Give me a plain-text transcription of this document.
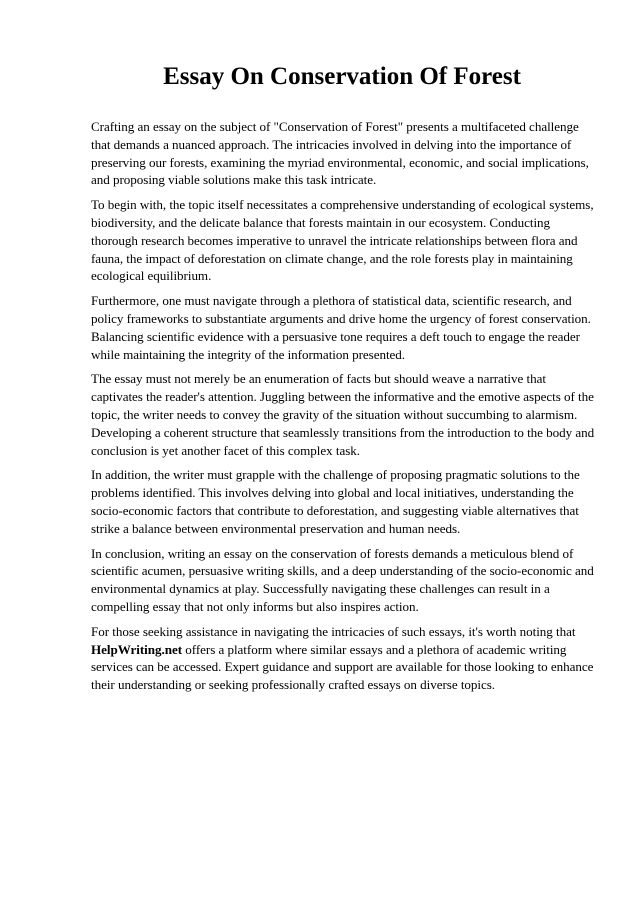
Essay On Conservation Of Forest

Crafting an essay on the subject of "Conservation of Forest" presents a multifaceted challenge that demands a nuanced approach. The intricacies involved in delving into the importance of preserving our forests, examining the myriad environmental, economic, and social implications, and proposing viable solutions make this task intricate.

To begin with, the topic itself necessitates a comprehensive understanding of ecological systems, biodiversity, and the delicate balance that forests maintain in our ecosystem. Conducting thorough research becomes imperative to unravel the intricate relationships between flora and fauna, the impact of deforestation on climate change, and the role forests play in maintaining ecological equilibrium.

Furthermore, one must navigate through a plethora of statistical data, scientific research, and policy frameworks to substantiate arguments and drive home the urgency of forest conservation. Balancing scientific evidence with a persuasive tone requires a deft touch to engage the reader while maintaining the integrity of the information presented.

The essay must not merely be an enumeration of facts but should weave a narrative that captivates the reader's attention. Juggling between the informative and the emotive aspects of the topic, the writer needs to convey the gravity of the situation without succumbing to alarmism. Developing a coherent structure that seamlessly transitions from the introduction to the body and conclusion is yet another facet of this complex task.

In addition, the writer must grapple with the challenge of proposing pragmatic solutions to the problems identified. This involves delving into global and local initiatives, understanding the socio-economic factors that contribute to deforestation, and suggesting viable alternatives that strike a balance between environmental preservation and human needs.

In conclusion, writing an essay on the conservation of forests demands a meticulous blend of scientific acumen, persuasive writing skills, and a deep understanding of the socio-economic and environmental dynamics at play. Successfully navigating these challenges can result in a compelling essay that not only informs but also inspires action.

For those seeking assistance in navigating the intricacies of such essays, it's worth noting that HelpWriting.net offers a platform where similar essays and a plethora of academic writing services can be accessed. Expert guidance and support are available for those looking to enhance their understanding or seeking professionally crafted essays on diverse topics.
